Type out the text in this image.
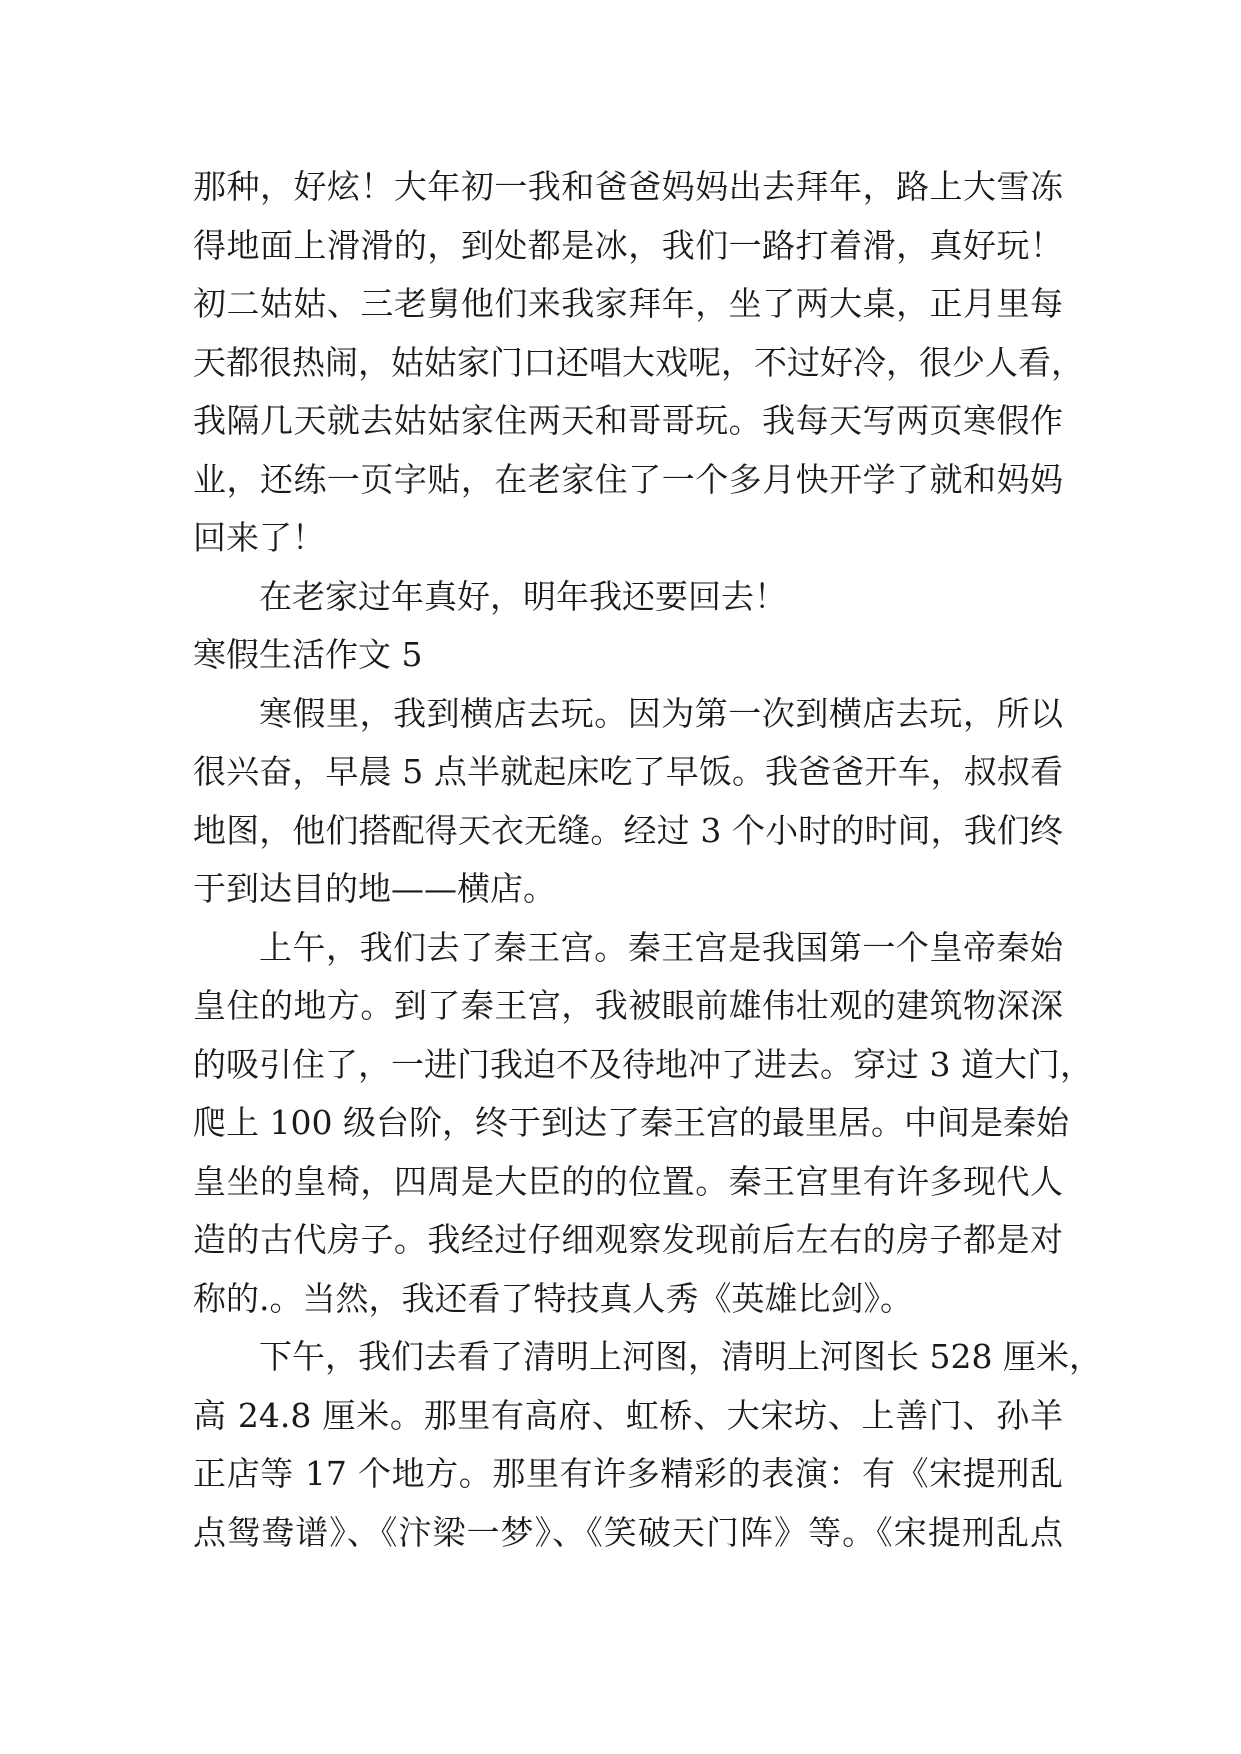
那种，好炫！大年初一我和爸爸妈妈出去拜年，路上大雪冻
得地面上滑滑的，到处都是冰，我们一路打着滑，真好玩！
初二姑姑、三老舅他们来我家拜年，坐了两大桌，正月里每
天都很热闹，姑姑家门口还唱大戏呢，不过好冷，很少人看，
我隔几天就去姑姑家住两天和哥哥玩。我每天写两页寒假作
业，还练一页字贴，在老家住了一个多月快开学了就和妈妈
回来了！
在老家过年真好，明年我还要回去！
寒假生活作文 5
寒假里，我到横店去玩。因为第一次到横店去玩，所以
很兴奋，早晨 5 点半就起床吃了早饭。我爸爸开车，叔叔看
地图，他们搭配得天衣无缝。经过 3 个小时的时间，我们终
于到达目的地——横店。
上午，我们去了秦王宫。秦王宫是我国第一个皇帝秦始
皇住的地方。到了秦王宫，我被眼前雄伟壮观的建筑物深深
的吸引住了，一进门我迫不及待地冲了进去。穿过 3 道大门，
爬上 100 级台阶，终于到达了秦王宫的最里居。中间是秦始
皇坐的皇椅，四周是大臣的的位置。秦王宫里有许多现代人
造的古代房子。我经过仔细观察发现前后左右的房子都是对
称的.。当然，我还看了特技真人秀《英雄比剑》。
下午，我们去看了清明上河图，清明上河图长 528 厘米，
高 24.8 厘米。那里有高府、虹桥、大宋坊、上善门、孙羊
正店等 17 个地方。那里有许多精彩的表演：有《宋提刑乱
点鸳鸯谱》、《汴梁一梦》、《笑破天门阵》等。《宋提刑乱点
